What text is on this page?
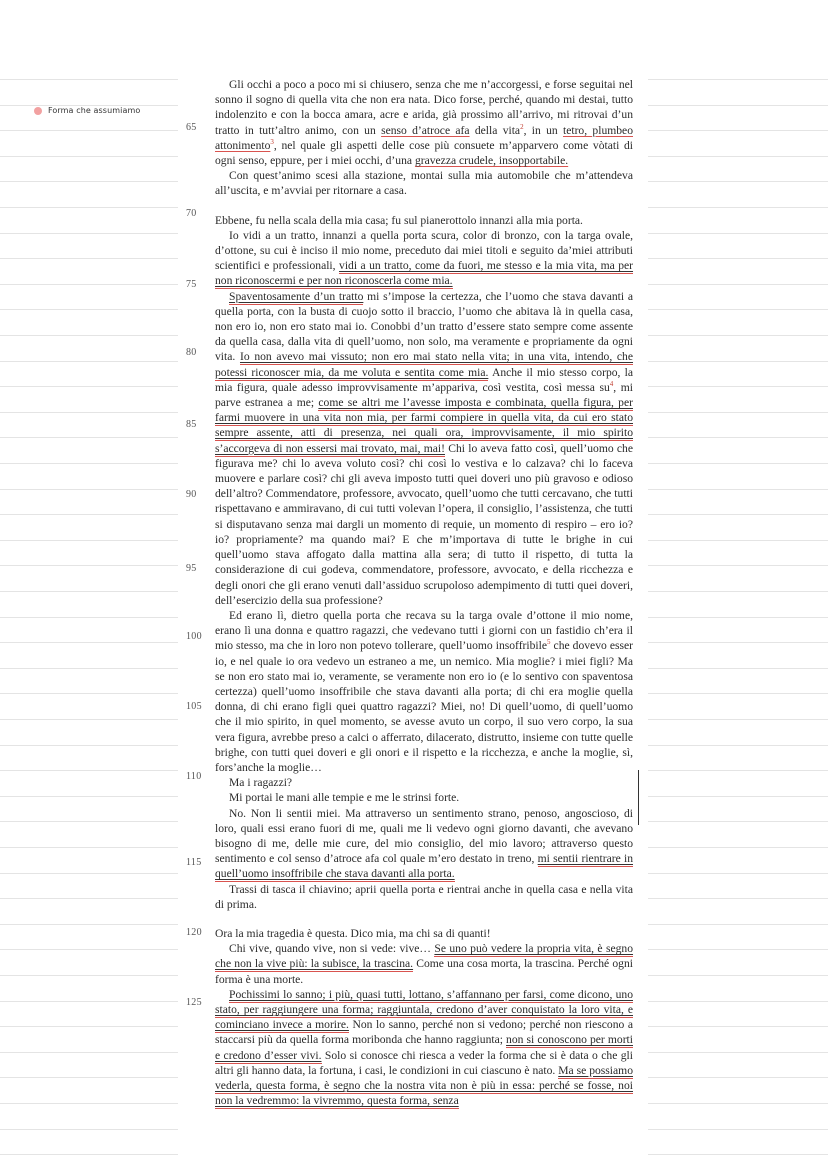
Forma che assumiamo
65
70
75
80
85
90
95
100
105
110
115
120
125

Gli occhi a poco a poco mi si chiusero, senza che me n’accorgessi, e forse seguitai nel sonno il sogno di quella vita che non era nata. Dico forse, perché, quando mi destai, tutto indolenzito e con la bocca amara, acre e arida, già prossimo all’arrivo, mi ritrovai d’un tratto in tutt’altro animo, con un senso d’atroce afa della vita$^2$, in un tetro, plumbeo attonimento$^3$, nel quale gli aspetti delle cose più consuete m’apparvero come vòtati di ogni senso, eppure, per i miei occhi, d’una gravezza crudele, insopportabile.

Con quest’animo scesi alla stazione, montai sulla mia automobile che m’attendeva all’uscita, e m’avviai per ritornare a casa.

Ebbene, fu nella scala della mia casa; fu sul pianerottolo innanzi alla mia porta.

Io vidi a un tratto, innanzi a quella porta scura, color di bronzo, con la targa ovale, d’ottone, su cui è inciso il mio nome, preceduto dai miei titoli e seguito da’miei attributi scientifici e professionali, vidi a un tratto, come da fuori, me stesso e la mia vita, ma per non riconoscermi e per non riconoscerla come mia.

Spaventosamente d’un tratto mi s’impose la certezza, che l’uomo che stava davanti a quella porta, con la busta di cuojo sotto il braccio, l’uomo che abitava là in quella casa, non ero io, non ero stato mai io. Conobbi d’un tratto d’essere stato sempre come assente da quella casa, dalla vita di quell’uomo, non solo, ma veramente e propriamente da ogni vita. Io non avevo mai vissuto; non ero mai stato nella vita; in una vita, intendo, che potessi riconoscer mia, da me voluta e sentita come mia. Anche il mio stesso corpo, la mia figura, quale adesso improvvisamente m’appariva, così vestita, così messa $su^4$, mi parve estranea a me; come se altri me l’avesse imposta e combinata, quella figura, per farmi muovere in una vita non mia, per farmi compiere in quella vita, da cui ero stato sempre assente, atti di presenza, nei quali ora, improvvisamente, il mio spirito s’accorgeva di non essersi mai trovato, mai, mai! Chi lo aveva fatto così, quell’uomo che figurava me? chi lo aveva voluto così? chi così lo vestiva e lo calzava? chi lo faceva muovere e parlare così? chi gli aveva imposto tutti quei doveri uno più gravoso e odioso dell’altro? Commendatore, professore, avvocato, quell’uomo che tutti cercavano, che tutti rispettavano e ammiravano, di cui tutti volevan l’opera, il consiglio, l’assistenza, che tutti si disputavano senza mai dargli un momento di requie, un momento di respiro – ero io? io? propriamente? ma quando mai? E che m’importava di tutte le brighe in cui quell’uomo stava affogato dalla mattina alla sera; di tutto il rispetto, di tutta la considerazione di cui godeva, commendatore, professore, avvocato, e della ricchezza e degli onori che gli erano venuti dall’assiduo scrupoloso adempimento di tutti quei doveri, dell’esercizio della sua professione?

Ed erano lì, dietro quella porta che recava su la targa ovale d’ottone il mio nome, erano lì una donna e quattro ragazzi, che vedevano tutti i giorni con un fastidio ch’era il mio stesso, ma che in loro non potevo tollerare, quell’uomo insoffribile$^5$ che dovevo esser io, e nel quale io ora vedevo un estraneo a me, un nemico. Mia moglie? i miei figli? Ma se non ero stato mai io, veramente, se veramente non ero io (e lo sentivo con spaventosa certezza) quell’uomo insoffribile che stava davanti alla porta; di chi era moglie quella donna, di chi erano figli quei quattro ragazzi? Miei, no! Di quell’uomo, di quell’uomo che il mio spirito, in quel momento, se avesse avuto un corpo, il suo vero corpo, la sua vera figura, avrebbe preso a calci o afferrato, dilacerato, distrutto, insieme con tutte quelle brighe, con tutti quei doveri e gli onori e il rispetto e la ricchezza, e anche la moglie, sì, fors’anche la moglie…

Ma i ragazzi?

Mi portai le mani alle tempie e me le strinsi forte.

No. Non li sentii miei. Ma attraverso un sentimento strano, penoso, angoscioso, di loro, quali essi erano fuori di me, quali me li vedevo ogni giorno davanti, che avevano bisogno di me, delle mie cure, del mio consiglio, del mio lavoro; attraverso questo sentimento e col senso d’atroce afa col quale m’ero destato in treno, mi sentii rientrare in quell’uomo insoffribile che stava davanti alla porta.

Trassi di tasca il chiavino; aprii quella porta e rientrai anche in quella casa e nella vita di prima.

Ora la mia tragedia è questa. Dico mia, ma chi sa di quanti!

Chi vive, quando vive, non si vede: vive… Se uno può vedere la propria vita, è segno che non la vive più: la subisce, la trascina. Come una cosa morta, la trascina. Perché ogni forma è una morte.

Pochissimi lo sanno; i più, quasi tutti, lottano, s’affannano per farsi, come dicono, uno stato, per raggiungere una forma; raggiuntala, credono d’aver conquistato la loro vita, e cominciano invece a morire. Non lo sanno, perché non si vedono; perché non riescono a staccarsi più da quella forma moribonda che hanno raggiunta; non si conoscono per morti e credono d’esser vivi. Solo si conosce chi riesca a veder la forma che si è data o che gli altri gli hanno data, la fortuna, i casi, le condizioni in cui ciascuno è nato. Ma se possiamo vederla, questa forma, è segno che la nostra vita non è più in essa: perché se fosse, noi non la vedremmo: la vivremmo, questa forma, senza
